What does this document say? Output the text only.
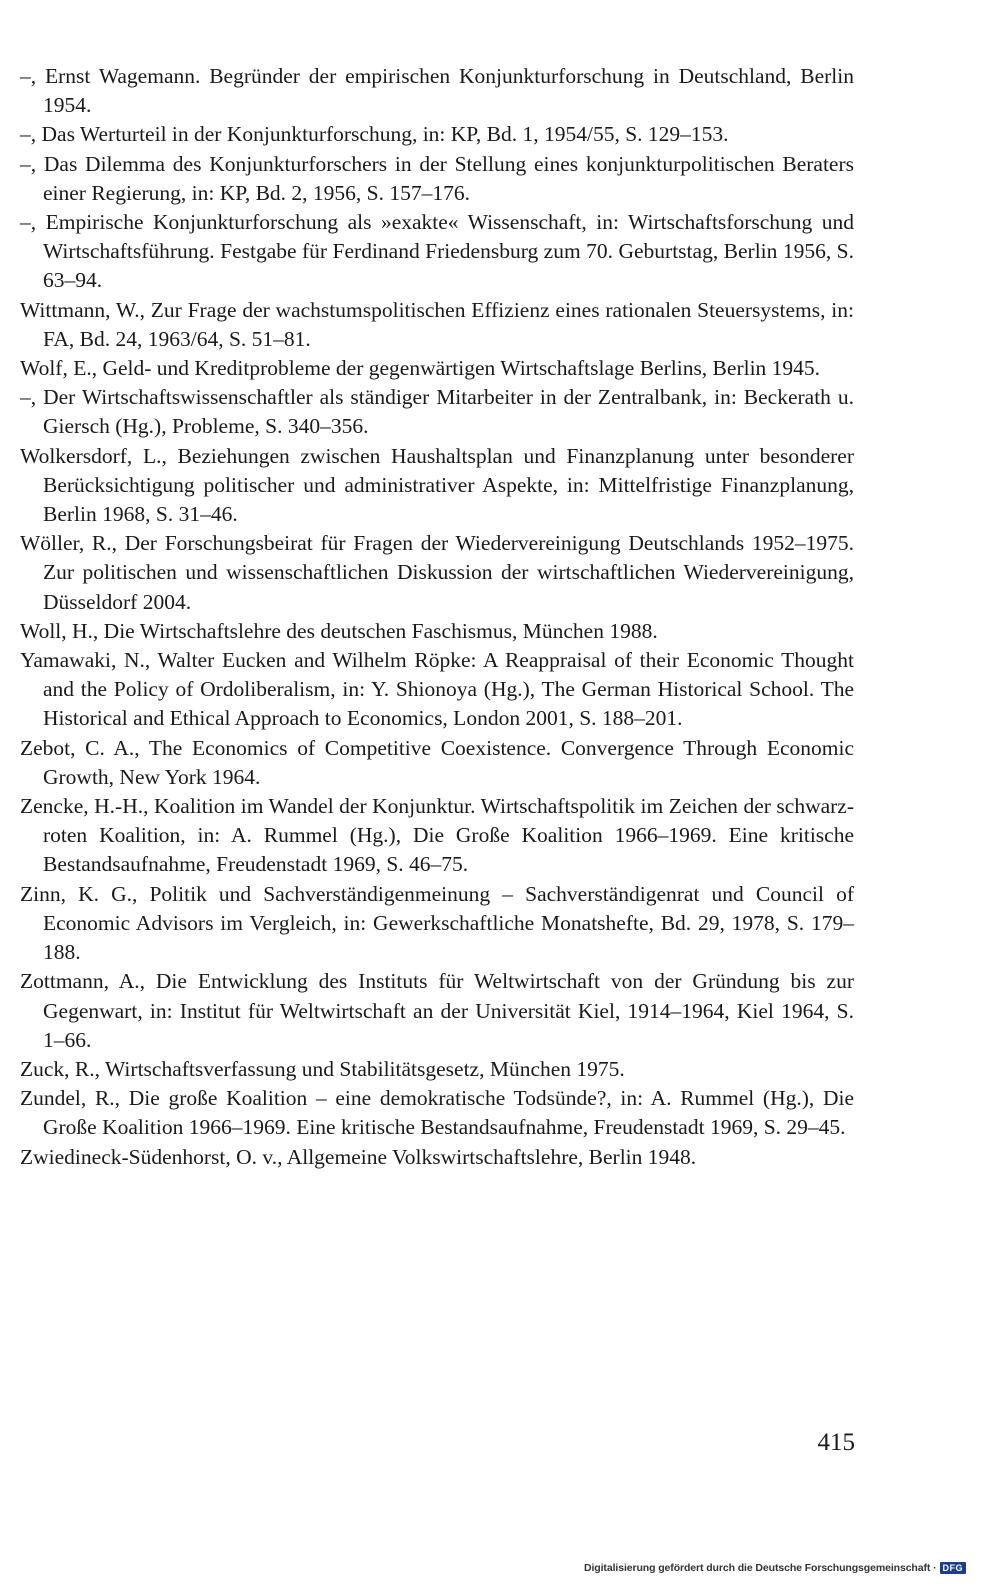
–, Ernst Wagemann. Begründer der empirischen Konjunkturforschung in Deutschland, Berlin 1954.
–, Das Werturteil in der Konjunkturforschung, in: KP, Bd. 1, 1954/55, S. 129–153.
–, Das Dilemma des Konjunkturforschers in der Stellung eines konjunkturpolitischen Beraters einer Regierung, in: KP, Bd. 2, 1956, S. 157–176.
–, Empirische Konjunkturforschung als »exakte« Wissenschaft, in: Wirtschaftsforschung und Wirtschaftsführung. Festgabe für Ferdinand Friedensburg zum 70. Geburtstag, Berlin 1956, S. 63–94.
Wittmann, W., Zur Frage der wachstumspolitischen Effizienz eines rationalen Steuersystems, in: FA, Bd. 24, 1963/64, S. 51–81.
Wolf, E., Geld- und Kreditprobleme der gegenwärtigen Wirtschaftslage Berlins, Berlin 1945.
–, Der Wirtschaftswissenschaftler als ständiger Mitarbeiter in der Zentralbank, in: Beckerath u. Giersch (Hg.), Probleme, S. 340–356.
Wolkersdorf, L., Beziehungen zwischen Haushaltsplan und Finanzplanung unter besonderer Berücksichtigung politischer und administrativer Aspekte, in: Mittelfristige Finanzplanung, Berlin 1968, S. 31–46.
Wöller, R., Der Forschungsbeirat für Fragen der Wiedervereinigung Deutschlands 1952–1975. Zur politischen und wissenschaftlichen Diskussion der wirtschaftlichen Wiedervereinigung, Düsseldorf 2004.
Woll, H., Die Wirtschaftslehre des deutschen Faschismus, München 1988.
Yamawaki, N., Walter Eucken and Wilhelm Röpke: A Reappraisal of their Economic Thought and the Policy of Ordoliberalism, in: Y. Shionoya (Hg.), The German Historical School. The Historical and Ethical Approach to Economics, London 2001, S. 188–201.
Zebot, C. A., The Economics of Competitive Coexistence. Convergence Through Economic Growth, New York 1964.
Zencke, H.-H., Koalition im Wandel der Konjunktur. Wirtschaftspolitik im Zeichen der schwarz-roten Koalition, in: A. Rummel (Hg.), Die Große Koalition 1966–1969. Eine kritische Bestandsaufnahme, Freudenstadt 1969, S. 46–75.
Zinn, K. G., Politik und Sachverständigenmeinung – Sachverständigenrat und Council of Economic Advisors im Vergleich, in: Gewerkschaftliche Monatshefte, Bd. 29, 1978, S. 179–188.
Zottmann, A., Die Entwicklung des Instituts für Weltwirtschaft von der Gründung bis zur Gegenwart, in: Institut für Weltwirtschaft an der Universität Kiel, 1914–1964, Kiel 1964, S. 1–66.
Zuck, R., Wirtschaftsverfassung und Stabilitätsgesetz, München 1975.
Zundel, R., Die große Koalition – eine demokratische Todsünde?, in: A. Rummel (Hg.), Die Große Koalition 1966–1969. Eine kritische Bestandsaufnahme, Freudenstadt 1969, S. 29–45.
Zwiedineck-Südenhorst, O. v., Allgemeine Volkswirtschaftslehre, Berlin 1948.
415
Digitalisierung gefördert durch die Deutsche Forschungsgemeinschaft · DFG
